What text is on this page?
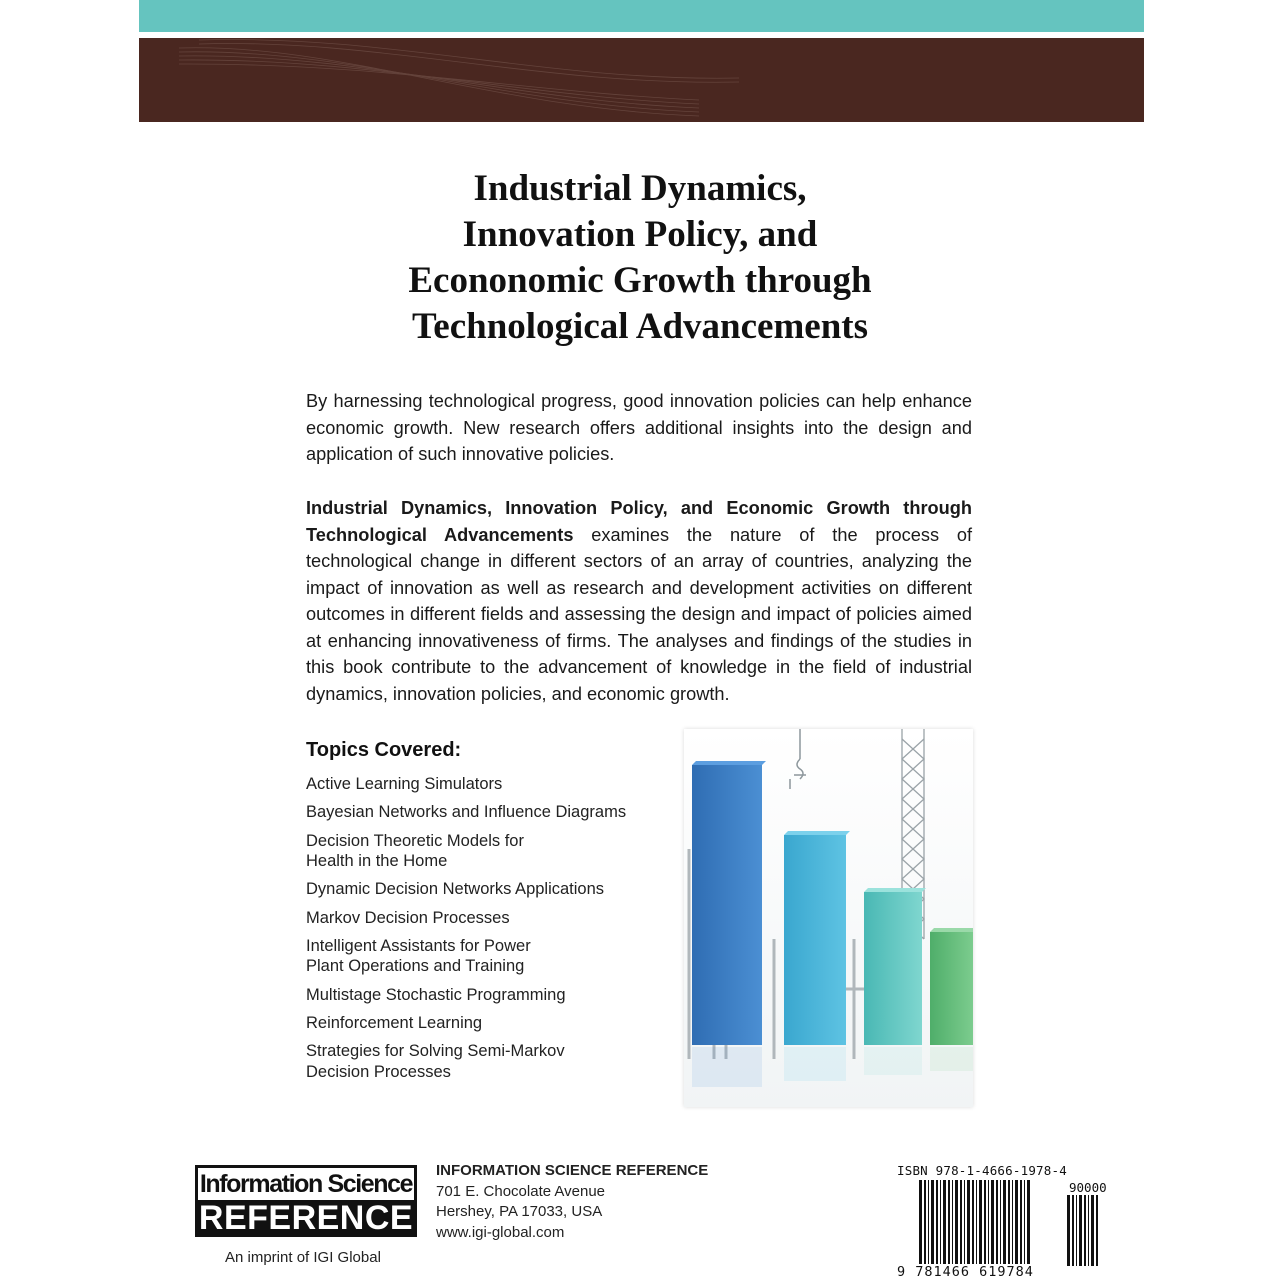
Industrial Dynamics,
Innovation Policy, and
Econonomic Growth through
Technological Advancements

By harnessing technological progress, good innovation policies can help enhance economic growth. New research offers additional insights into the design and application of such innovative policies.

Industrial Dynamics, Innovation Policy, and Economic Growth through Technological Advancements examines the nature of the process of technological change in different sectors of an array of countries, analyzing the impact of innovation as well as research and development activities on different outcomes in different fields and assessing the design and impact of policies aimed at enhancing innovativeness of firms. The analyses and findings of the studies in this book contribute to the advancement of knowledge in the field of industrial dynamics, innovation policies, and economic growth.

Topics Covered:
Active Learning Simulators
Bayesian Networks and Influence Diagrams
Decision Theoretic Models for
Health in the Home
Dynamic Decision Networks Applications
Markov Decision Processes
Intelligent Assistants for Power
Plant Operations and Training
Multistage Stochastic Programming
Reinforcement Learning
Strategies for Solving Semi-Markov
Decision Processes
Information Science
REFERENCE
An imprint of IGI Global
INFORMATION SCIENCE REFERENCE
701 E. Chocolate Avenue
Hershey, PA 17033, USA
www.igi-global.com
ISBN 978-1-4666-1978-4
90000
9 781466 619784
